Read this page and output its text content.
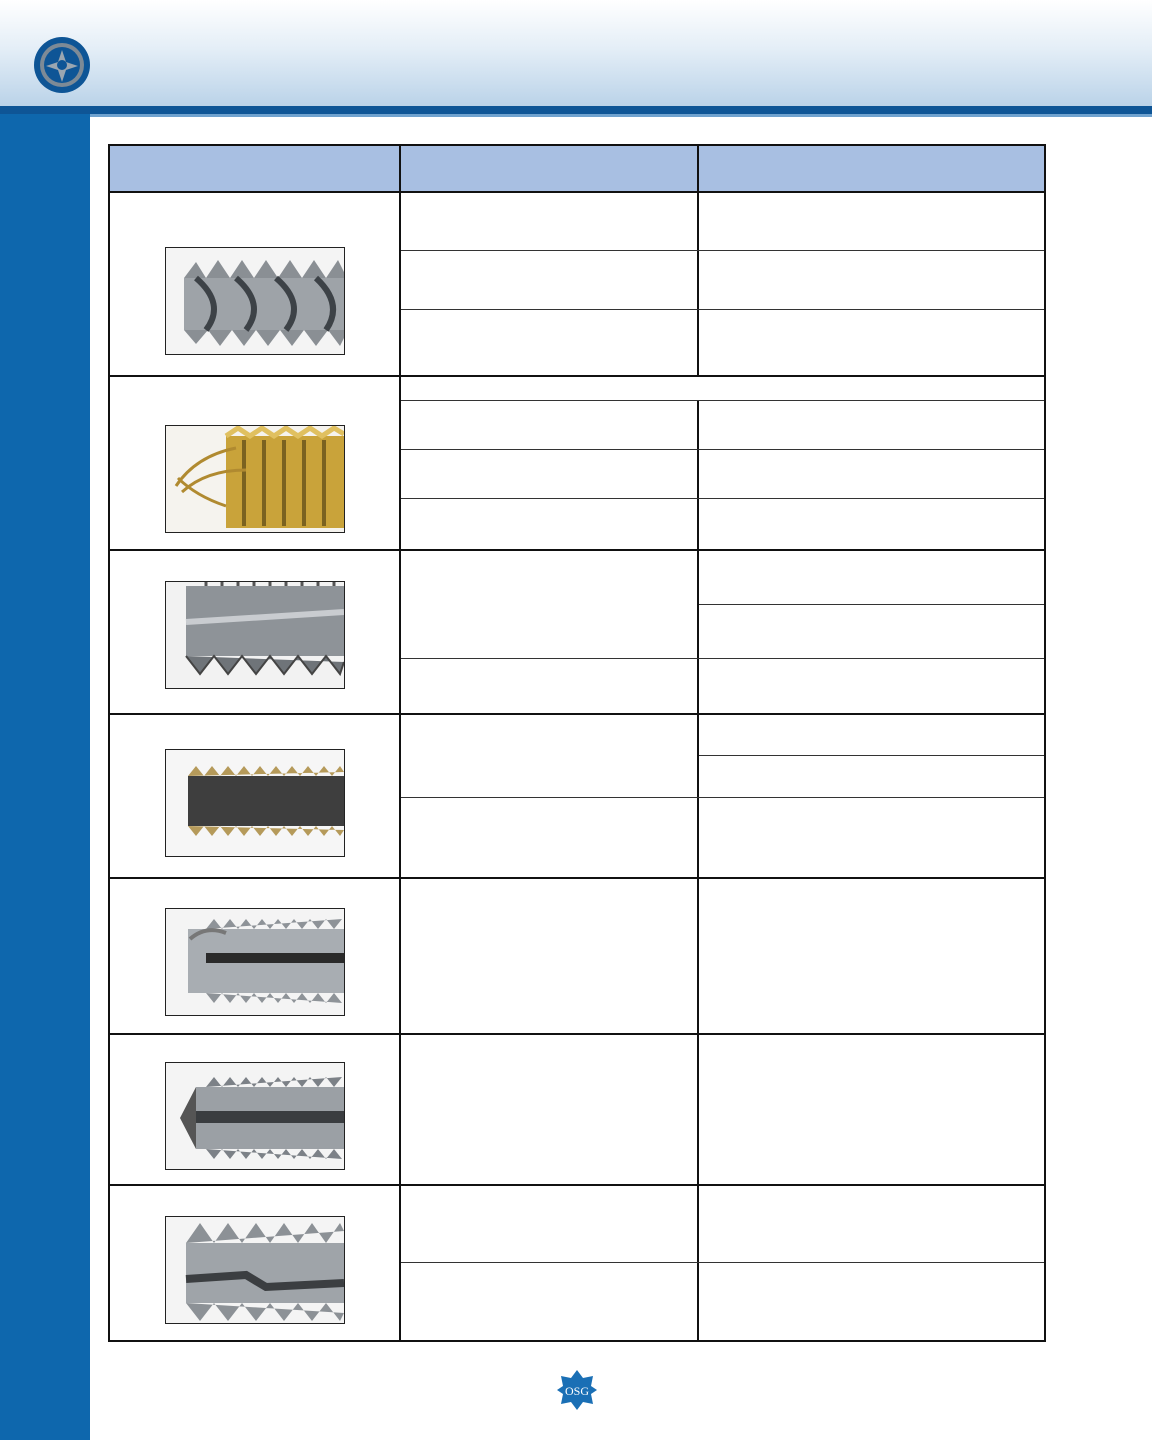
OSG
